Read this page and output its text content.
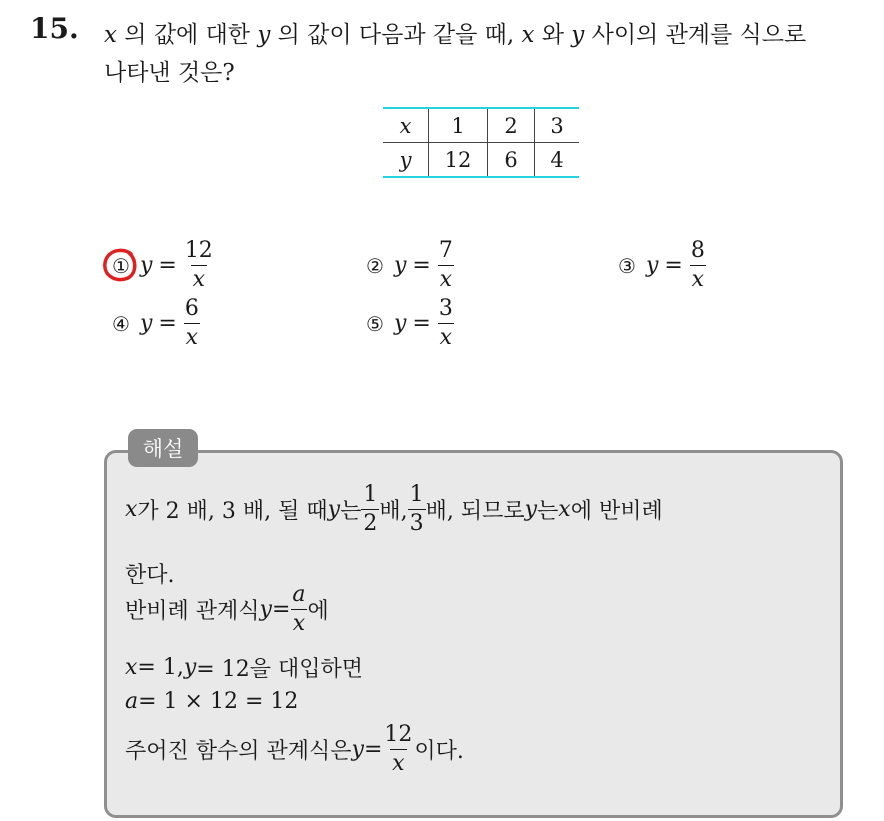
15. x 의 값에 대한 y 의 값이 다음과 같을 때, x 와 y 사이의 관계를 식으로
나타낸 것은?
x	1	2	3
y	12	6	4
① $y = \frac{12}{x}$	② $y = \frac{7}{x}$	③ $y = \frac{8}{x}$
④ $y = \frac{6}{x}$	⑤ $y = \frac{3}{x}$
해설
x 가 2 배, 3 배, 될 때 y 는 $\frac{1}{2}$ 배, $\frac{1}{3}$ 배, 되므로 y 는 x 에 반비례
한다.
반비례 관계식 $y = \frac{a}{x}$ 에
x = 1, y = 12을 대입하면
a = 1 × 12 = 12
주어진 함수의 관계식은 $y = \frac{12}{x}$ 이다.
